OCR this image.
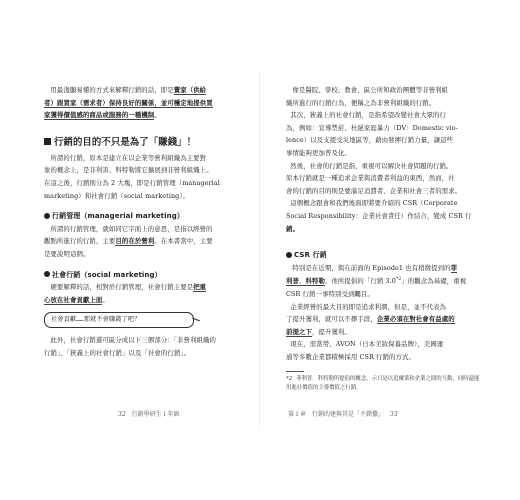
用最淺顯易懂的方式來解釋行銷的話，即是賣家（供給
者）跟買家（需求者）保持良好的關係，並可穩定地提供買
家獲得價值感的商品或服務的一種機制。

行銷的目的不只是為了「賺錢」！

所謂的行銷，原本是建立在以企業等營利組織為主要對
象的概念上，是非利害、科特勒將它擴展到非營利組織上。
在這之後，行銷則分為 2 大塊，即是行銷管理（managerial
marketing）和社會行銷（social marketing）。

行銷管理（managerial marketing）

所謂的行銷管理，就如同它字面上的意思，是指以經營的
觀點所進行的行銷，主要目的在於營利。在本書當中，主要
是要說明這個。

社會行銷（social marketing）

硬要解釋的話，相對於行銷管理，社會行銷主要是把重
心放在社會貢獻上面。

社會貢獻……那就不會賺錢了吧？

此外，社會行銷還可區分成以下三個部分：「非營利組織的
行銷」、「狹義上的社會行銷」以及「社會的行銷」。

32 行銷學研生１年級

像是醫院、學校、教會、區公所和政治團體等非營利組
織所進行的行銷行為，便稱之為非營利組織的行銷。
其次，狹義上的社會行銷，是指希望改變社會大眾的行
為，例如：宣導禁菸、杜絕家庭暴力（DV：Domestic vio-
lence）以及支援受災地區等，藉由發揮行銷力量，讓這些
事情能夠更加普及化。
然後，社會的行銷是指，重視可以解決社會問題的行銷。
原本行銷就是一種追求企業與消費者利益的東西，然而，社
會的行銷的目的則是要滿足消費者、企業和社會三者的需求。
這個概念跟會和我們後面即將要介紹的 CSR（Corporate
Social Responsibility：企業社會責任）作結合，變成 CSR 行
銷。

CSR 行銷

特別是在近期，與在前面的 Episode1 也有稍微提到的菲
利普．科特勒，他所提倡的「行銷 3.0$^{*2}$」的觀念為基礎，重視
CSR 行銷一事特別受到矚目。
企業經營的最大目的即是追求利潤，但是，並不代表為
了提升獲利，就可以不擇手段，企業必須在對社會有益處的
前提之下，提升獲利。
現在，需當勞、AVON（日本美妝保養品牌），美國運
通等多數企業都積極採用 CSR 行銷的方式。

*2 菲利普．科特勒所提倡的概念。示只是以追爾業和企業之間的互動，同時還能用進社價值的主導價值之行銷。
第１章　行銷的建與其是「不錯撒」 33
